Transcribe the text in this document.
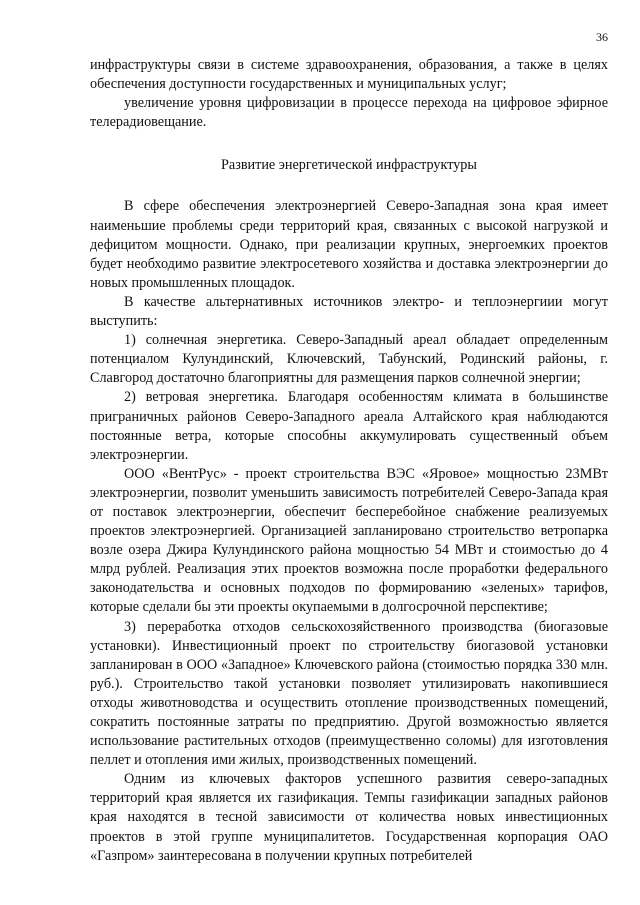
36

инфраструктуры связи в системе здравоохранения, образования, а также в целях обеспечения доступности государственных и муниципальных услуг;

увеличение уровня цифровизации в процессе перехода на цифровое эфирное телерадиовещание.

Развитие энергетической инфраструктуры

В сфере обеспечения электроэнергией Северо-Западная зона края имеет наименьшие проблемы среди территорий края, связанных с высокой нагрузкой и дефицитом мощности. Однако, при реализации крупных, энергоемких проектов будет необходимо развитие электросетевого хозяйства и доставка электроэнергии до новых промышленных площадок.

В качестве альтернативных источников электро- и теплоэнергиии могут выступить:

1) солнечная энергетика. Северо-Западный ареал обладает определенным потенциалом Кулундинский, Ключевский, Табунский, Родинский районы, г. Славгород достаточно благоприятны для размещения парков солнечной энергии;

2) ветровая энергетика. Благодаря особенностям климата в большинстве приграничных районов Северо-Западного ареала Алтайского края наблюдаются постоянные ветра, которые способны аккумулировать существенный объем электроэнергии.

ООО «ВентРус» - проект строительства ВЭС «Яровое» мощностью 23МВт электроэнергии, позволит уменьшить зависимость потребителей Северо-Запада края от поставок электроэнергии, обеспечит бесперебойное снабжение реализуемых проектов электроэнергией. Организацией запланировано строительство ветропарка возле озера Джира Кулундинского района мощностью 54 МВт и стоимостью до 4 млрд рублей. Реализация этих проектов возможна после проработки федерального законодательства и основных подходов по формированию «зеленых» тарифов, которые сделали бы эти проекты окупаемыми в долгосрочной перспективе;

3) переработка отходов сельскохозяйственного производства (биогазовые установки). Инвестиционный проект по строительству биогазовой установки запланирован в ООО «Западное» Ключевского района (стоимостью порядка 330 млн. руб.). Строительство такой установки позволяет утилизировать накопившиеся отходы животноводства и осуществить отопление производственных помещений, сократить постоянные затраты по предприятию. Другой возможностью является использование растительных отходов (преимущественно соломы) для изготовления пеллет и отопления ими жилых, производственных помещений.

Одним из ключевых факторов успешного развития северо-западных территорий края является их газификация. Темпы газификации западных районов края находятся в тесной зависимости от количества новых инвестиционных проектов в этой группе муниципалитетов. Государственная корпорация ОАО «Газпром» заинтересована в получении крупных потребителей
